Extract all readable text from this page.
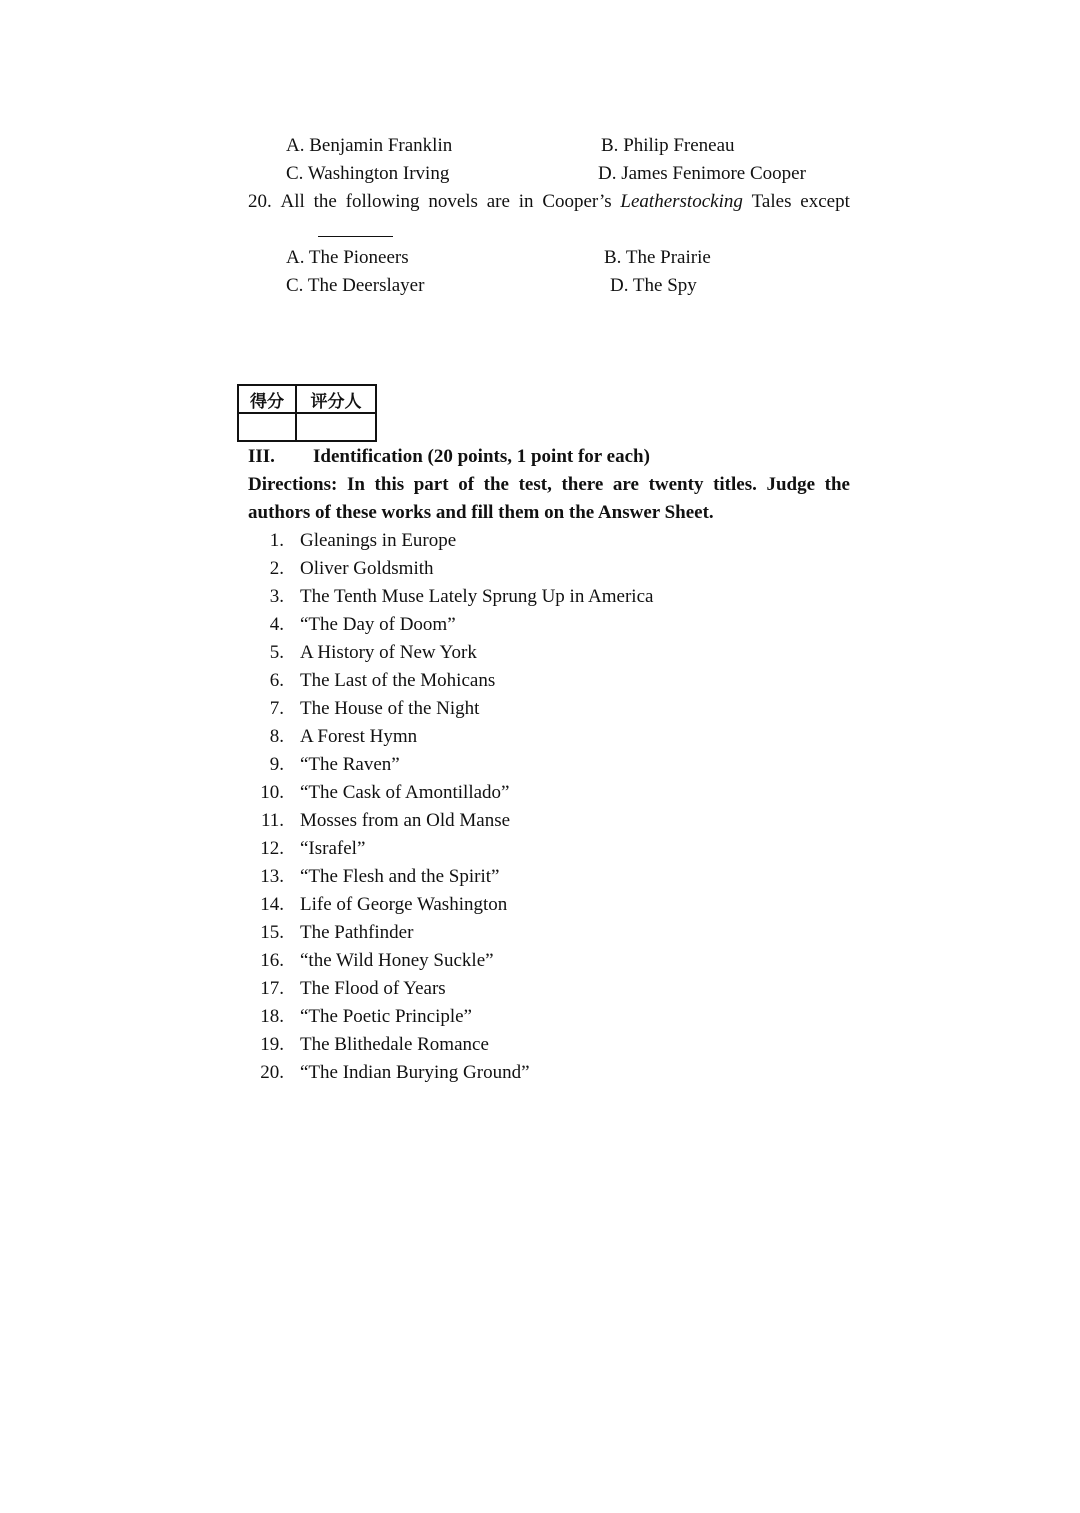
A. Benjamin Franklin	B. Philip Freneau
C. Washington Irving	D. James Fenimore Cooper
20. All the following novels are in Cooper’s Leatherstocking Tales except
A. The Pioneers	B. The Prairie
C. The Deerslayer	D. The Spy
得分	评分人

III. Identification (20 points, 1 point for each)
Directions: In this part of the test, there are twenty titles. Judge the
authors of these works and fill them on the Answer Sheet.
1. Gleanings in Europe
2. Oliver Goldsmith
3. The Tenth Muse Lately Sprung Up in America
4. “The Day of Doom”
5. A History of New York
6. The Last of the Mohicans
7. The House of the Night
8. A Forest Hymn
9. “The Raven”
10. “The Cask of Amontillado”
11. Mosses from an Old Manse
12. “Israfel”
13. “The Flesh and the Spirit”
14. Life of George Washington
15. The Pathfinder
16. “the Wild Honey Suckle”
17. The Flood of Years
18. “The Poetic Principle”
19. The Blithedale Romance
20. “The Indian Burying Ground”
